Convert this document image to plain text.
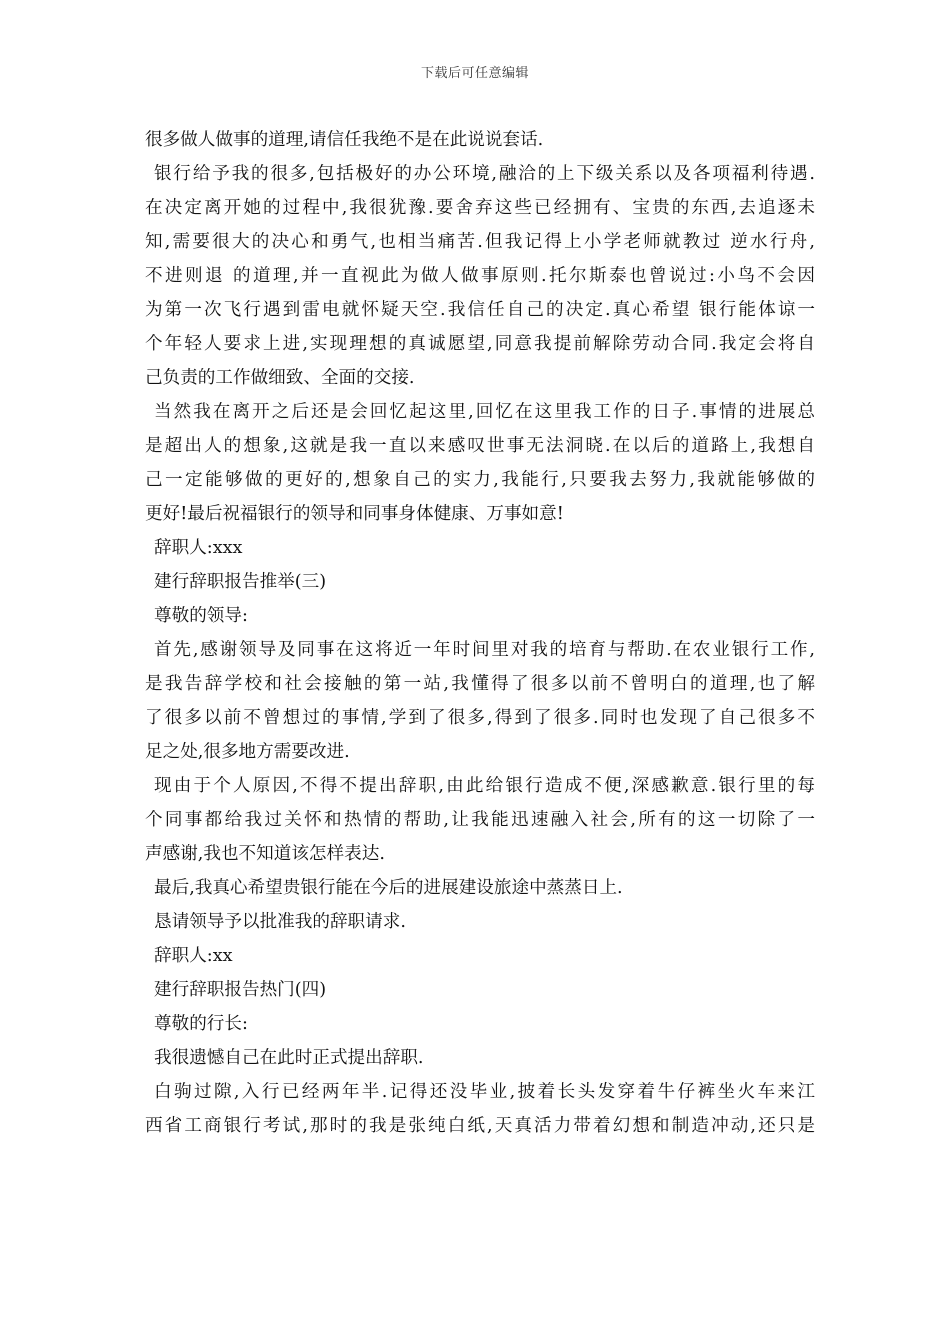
下载后可任意编辑
很多做人做事的道理,请信任我绝不是在此说说套话.
银行给予我的很多,包括极好的办公环境,融洽的上下级关系以及各项福利待遇.
在决定离开她的过程中,我很犹豫.要舍弃这些已经拥有、宝贵的东西,去追逐未
知,需要很大的决心和勇气,也相当痛苦.但我记得上小学老师就教过 逆水行舟,
不进则退 的道理,并一直视此为做人做事原则.托尔斯泰也曾说过:小鸟不会因
为第一次飞行遇到雷电就怀疑天空.我信任自己的决定.真心希望 银行能体谅一
个年轻人要求上进,实现理想的真诚愿望,同意我提前解除劳动合同.我定会将自
己负责的工作做细致、全面的交接.
当然我在离开之后还是会回忆起这里,回忆在这里我工作的日子.事情的进展总
是超出人的想象,这就是我一直以来感叹世事无法洞晓.在以后的道路上,我想自
己一定能够做的更好的,想象自己的实力,我能行,只要我去努力,我就能够做的
更好!最后祝福银行的领导和同事身体健康、万事如意!
辞职人:xxx
建行辞职报告推举(三)
尊敬的领导:
首先,感谢领导及同事在这将近一年时间里对我的培育与帮助.在农业银行工作,
是我告辞学校和社会接触的第一站,我懂得了很多以前不曾明白的道理,也了解
了很多以前不曾想过的事情,学到了很多,得到了很多.同时也发现了自己很多不
足之处,很多地方需要改进.
现由于个人原因,不得不提出辞职,由此给银行造成不便,深感歉意.银行里的每
个同事都给我过关怀和热情的帮助,让我能迅速融入社会,所有的这一切除了一
声感谢,我也不知道该怎样表达.
最后,我真心希望贵银行能在今后的进展建设旅途中蒸蒸日上.
恳请领导予以批准我的辞职请求.
辞职人:xx
建行辞职报告热门(四)
尊敬的行长:
我很遗憾自己在此时正式提出辞职.
白驹过隙,入行已经两年半.记得还没毕业,披着长头发穿着牛仔裤坐火车来江
西省工商银行考试,那时的我是张纯白纸,天真活力带着幻想和制造冲动,还只是
